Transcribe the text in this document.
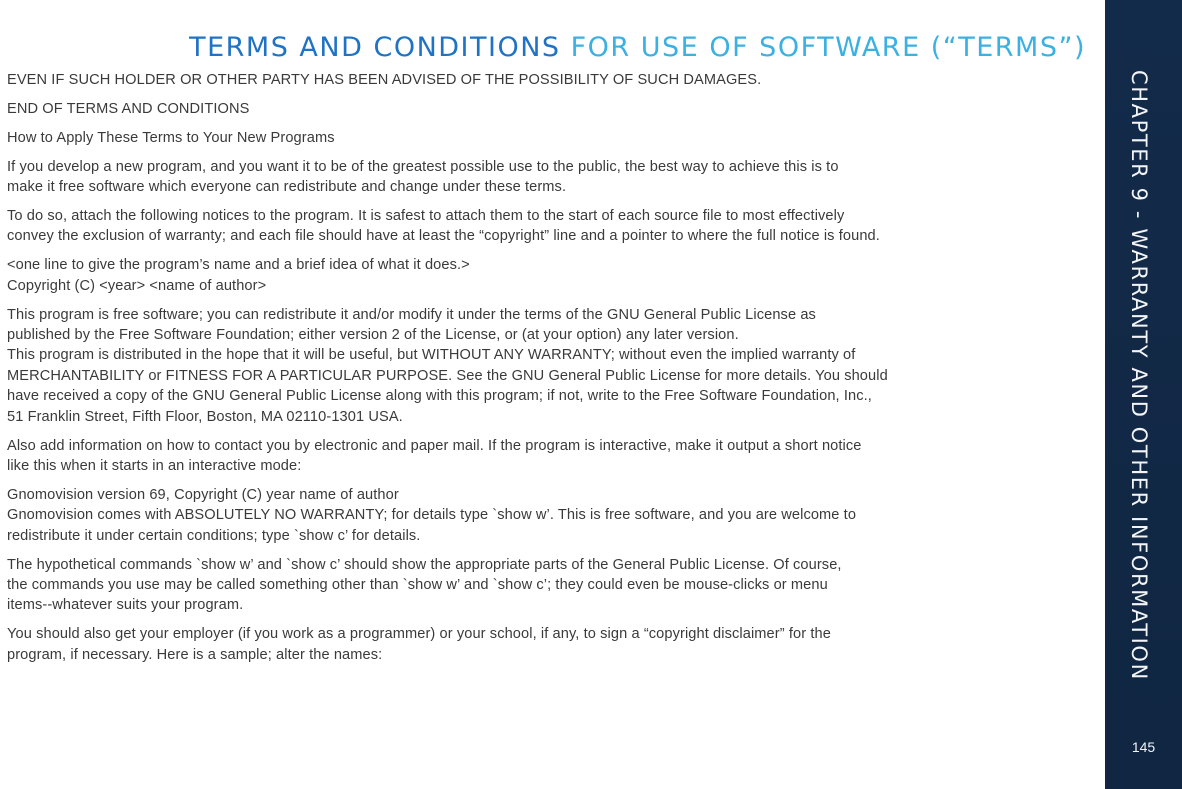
TERMS AND CONDITIONS FOR USE OF SOFTWARE (“TERMS”)

EVEN IF SUCH HOLDER OR OTHER PARTY HAS BEEN ADVISED OF THE POSSIBILITY OF SUCH DAMAGES.

END OF TERMS AND CONDITIONS

How to Apply These Terms to Your New Programs

If you develop a new program, and you want it to be of the greatest possible use to the public, the best way to achieve this is to
make it free software which everyone can redistribute and change under these terms.

To do so, attach the following notices to the program. It is safest to attach them to the start of each source file to most effectively
convey the exclusion of warranty; and each file should have at least the “copyright” line and a pointer to where the full notice is found.

<one line to give the program’s name and a brief idea of what it does.>
Copyright (C) <year> <name of author>

This program is free software; you can redistribute it and/or modify it under the terms of the GNU General Public License as
published by the Free Software Foundation; either version 2 of the License, or (at your option) any later version.
This program is distributed in the hope that it will be useful, but WITHOUT ANY WARRANTY; without even the implied warranty of
MERCHANTABILITY or FITNESS FOR A PARTICULAR PURPOSE. See the GNU General Public License for more details. You should
have received a copy of the GNU General Public License along with this program; if not, write to the Free Software Foundation, Inc.,
51 Franklin Street, Fifth Floor, Boston, MA 02110-1301 USA.

Also add information on how to contact you by electronic and paper mail. If the program is interactive, make it output a short notice
like this when it starts in an interactive mode:

Gnomovision version 69, Copyright (C) year name of author
Gnomovision comes with ABSOLUTELY NO WARRANTY; for details type `show w’. This is free software, and you are welcome to
redistribute it under certain conditions; type `show c’ for details.

The hypothetical commands `show w’ and `show c’ should show the appropriate parts of the General Public License. Of course,
the commands you use may be called something other than `show w’ and `show c’; they could even be mouse-clicks or menu
items--whatever suits your program.

You should also get your employer (if you work as a programmer) or your school, if any, to sign a “copyright disclaimer” for the
program, if necessary. Here is a sample; alter the names:	CHAPTER 9 - WARRANTY AND OTHER INFORMATION
145
